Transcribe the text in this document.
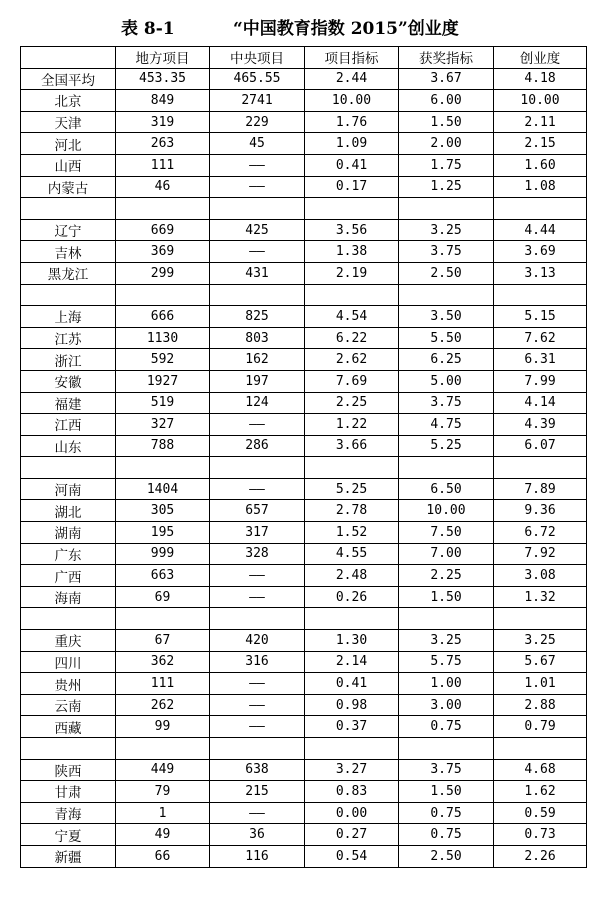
表 8-1	“中国教育指数 2015”创业度
	地方项目	中央项目	项目指标	获奖指标	创业度
全国平均	453.35	465.55	2.44	3.67	4.18
北京	849	2741	10.00	6.00	10.00
天津	319	229	1.76	1.50	2.11
河北	263	45	1.09	2.00	2.15
山西	111	——	0.41	1.75	1.60
内蒙古	46	——	0.17	1.25	1.08

辽宁	669	425	3.56	3.25	4.44
吉林	369	——	1.38	3.75	3.69
黑龙江	299	431	2.19	2.50	3.13

上海	666	825	4.54	3.50	5.15
江苏	1130	803	6.22	5.50	7.62
浙江	592	162	2.62	6.25	6.31
安徽	1927	197	7.69	5.00	7.99
福建	519	124	2.25	3.75	4.14
江西	327	——	1.22	4.75	4.39
山东	788	286	3.66	5.25	6.07

河南	1404	——	5.25	6.50	7.89
湖北	305	657	2.78	10.00	9.36
湖南	195	317	1.52	7.50	6.72
广东	999	328	4.55	7.00	7.92
广西	663	——	2.48	2.25	3.08
海南	69	——	0.26	1.50	1.32

重庆	67	420	1.30	3.25	3.25
四川	362	316	2.14	5.75	5.67
贵州	111	——	0.41	1.00	1.01
云南	262	——	0.98	3.00	2.88
西藏	99	——	0.37	0.75	0.79

陕西	449	638	3.27	3.75	4.68
甘肃	79	215	0.83	1.50	1.62
青海	1	——	0.00	0.75	0.59
宁夏	49	36	0.27	0.75	0.73
新疆	66	116	0.54	2.50	2.26
